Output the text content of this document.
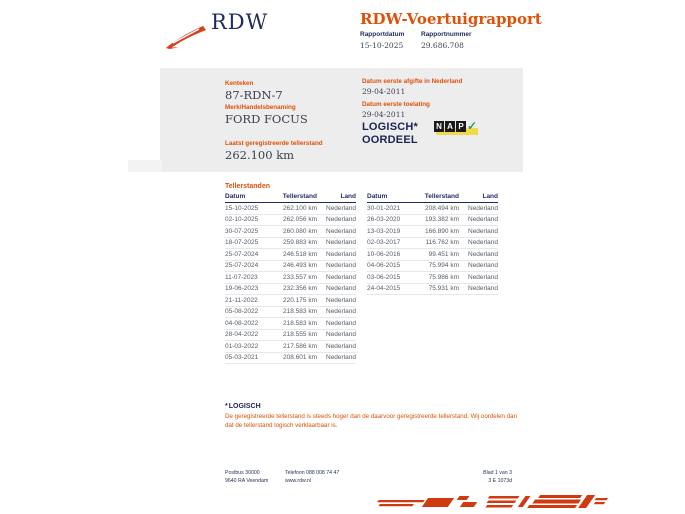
RDW	RDW-Voertuigrapport
Rapportdatum
15-10-2025
Rapportnummer
29.686.708
Kenteken
87-RDN-7
Merk/Handelsbenaming
FORD FOCUS
Laatst geregistreerde tellerstand
262.100 km
Datum eerste afgifte in Nederland
29-04-2011
Datum eerste toelating
29-04-2011
LOGISCH*
OORDEEL
N A P ✓
Tellerstanden
Datum	Tellerstand	Land
15-10-2025	262.100 km	Nederland
02-10-2025	262.056 km	Nederland
30-07-2025	260.080 km	Nederland
18-07-2025	259.883 km	Nederland
25-07-2024	246.518 km	Nederland
25-07-2024	246.493 km	Nederland
11-07-2023	233.557 km	Nederland
19-06-2023	232.356 km	Nederland
21-11-2022	220.175 km	Nederland
05-08-2022	218.583 km	Nederland
04-08-2022	218.583 km	Nederland
28-04-2022	218.555 km	Nederland
01-03-2022	217.586 km	Nederland
05-03-2021	208.601 km	Nederland
Datum	Tellerstand	Land
30-01-2021	208.494 km	Nederland
26-03-2020	193.382 km	Nederland
13-03-2019	166.890 km	Nederland
02-03-2017	116.762 km	Nederland
10-06-2016	99.451 km	Nederland
04-06-2015	75.994 km	Nederland
03-06-2015	75.986 km	Nederland
24-04-2015	75.931 km	Nederland
*LOGISCH
De geregistreerde tellerstand is steeds hoger dan de daarvoor geregistreerde tellerstand. Wij oordelen dan
dat de tellerstand logisch verklaarbaar is.
Postbus 30000
9640 RA Veendam
Telefoon 088 008 74 47
www.rdw.nl
Blad 1 van 3
3 E 1073d
